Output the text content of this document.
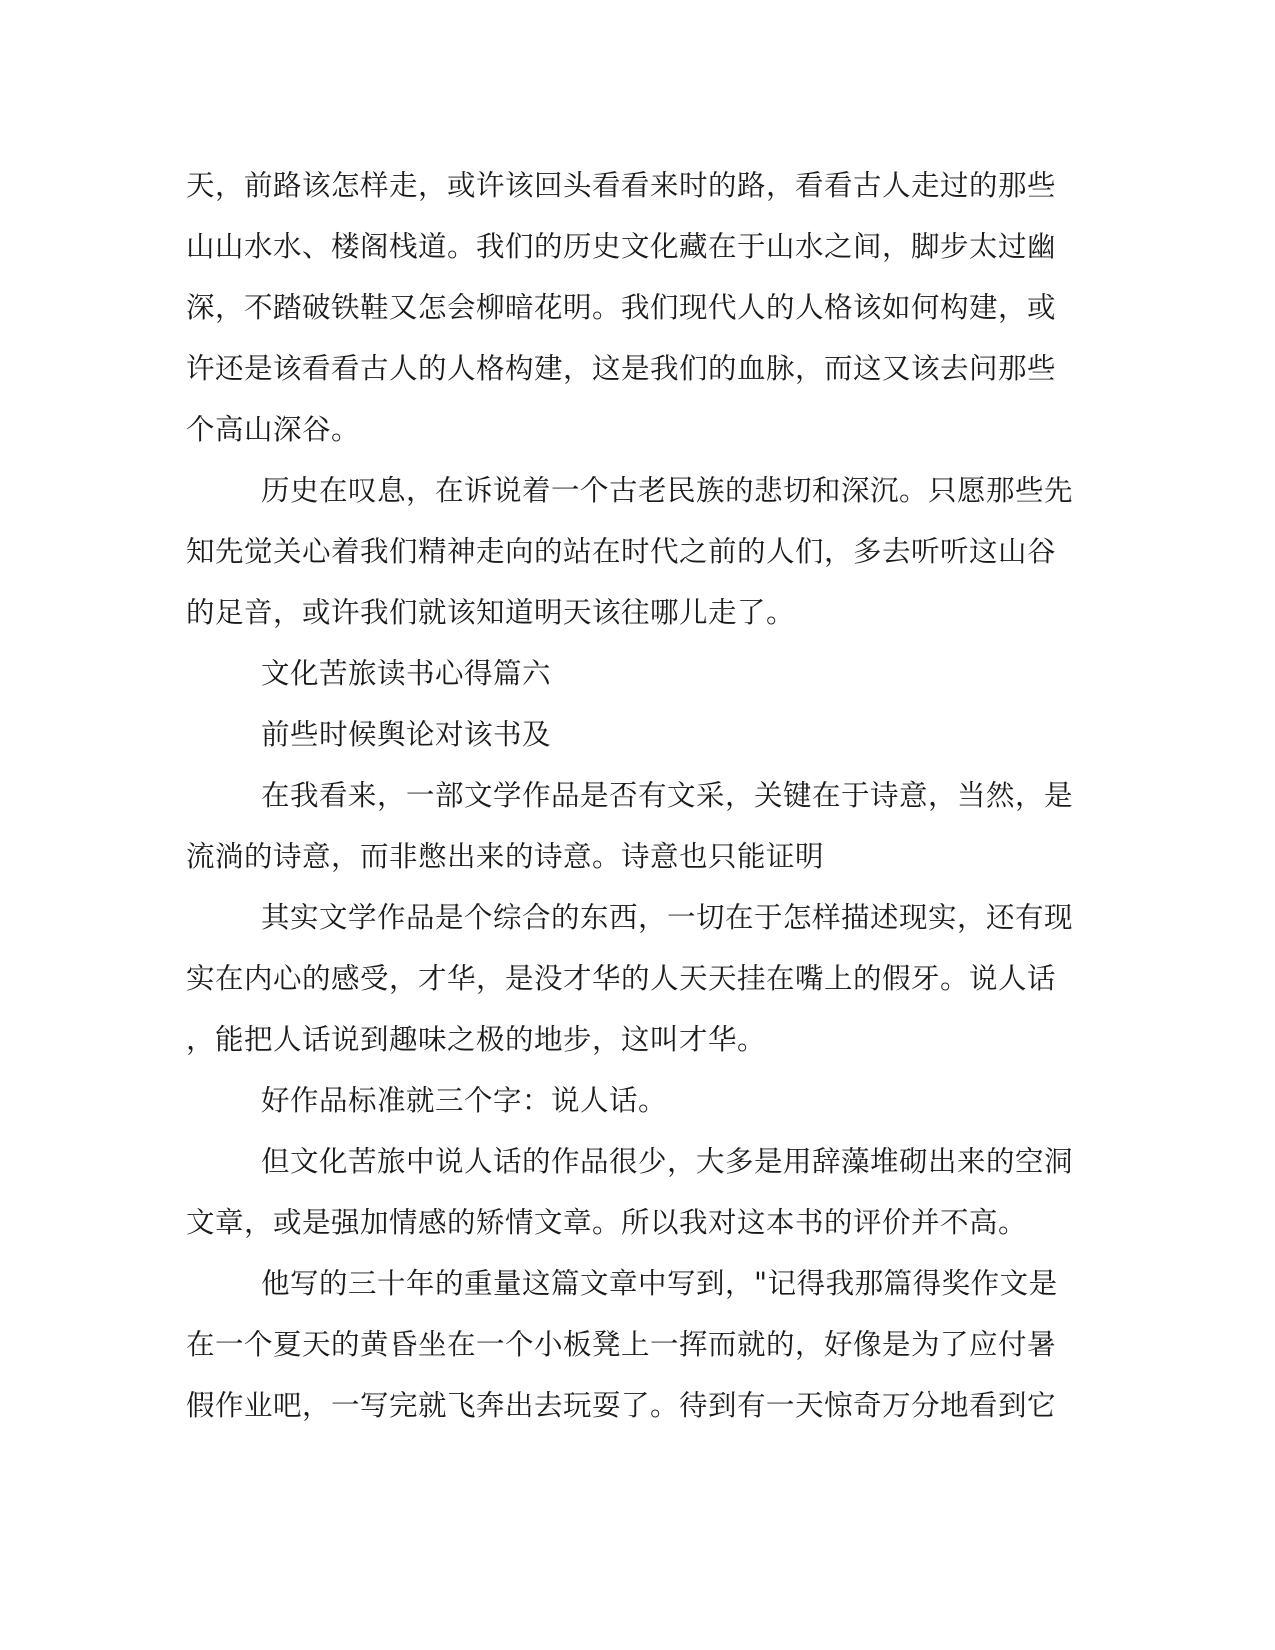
天，前路该怎样走，或许该回头看看来时的路，看看古人走过的那些
山山水水、楼阁栈道。我们的历史文化藏在于山水之间，脚步太过幽
深，不踏破铁鞋又怎会柳暗花明。我们现代人的人格该如何构建，或
许还是该看看古人的人格构建，这是我们的血脉，而这又该去问那些
个高山深谷。
历史在叹息，在诉说着一个古老民族的悲切和深沉。只愿那些先
知先觉关心着我们精神走向的站在时代之前的人们，多去听听这山谷
的足音，或许我们就该知道明天该往哪儿走了。
文化苦旅读书心得篇六
前些时候舆论对该书及
在我看来，一部文学作品是否有文采，关键在于诗意，当然，是
流淌的诗意，而非憋出来的诗意。诗意也只能证明
其实文学作品是个综合的东西，一切在于怎样描述现实，还有现
实在内心的感受，才华，是没才华的人天天挂在嘴上的假牙。说人话
，能把人话说到趣味之极的地步，这叫才华。
好作品标准就三个字：说人话。
但文化苦旅中说人话的作品很少，大多是用辞藻堆砌出来的空洞
文章，或是强加情感的矫情文章。所以我对这本书的评价并不高。
他写的三十年的重量这篇文章中写到，"记得我那篇得奖作文是
在一个夏天的黄昏坐在一个小板凳上一挥而就的，好像是为了应付暑
假作业吧，一写完就飞奔出去玩耍了。待到有一天惊奇万分地看到它
